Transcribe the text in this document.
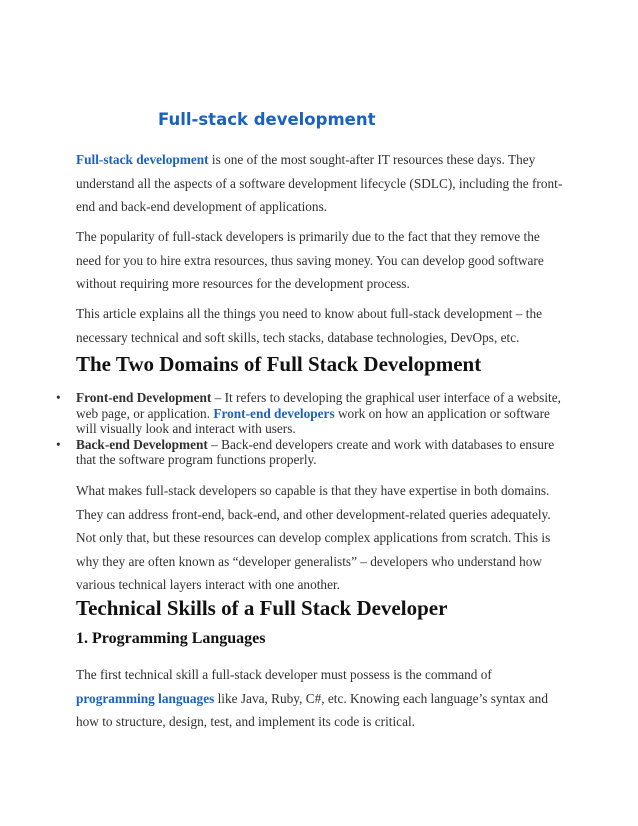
Full-stack development

Full-stack development is one of the most sought-after IT resources these days. They understand all the aspects of a software development lifecycle (SDLC), including the front-end and back-end development of applications.

The popularity of full-stack developers is primarily due to the fact that they remove the need for you to hire extra resources, thus saving money. You can develop good software without requiring more resources for the development process.

This article explains all the things you need to know about full-stack development – the necessary technical and soft skills, tech stacks, database technologies, DevOps, etc.

The Two Domains of Full Stack Development
• Front-end Development – It refers to developing the graphical user interface of a website, web page, or application. Front-end developers work on how an application or software will visually look and interact with users.
• Back-end Development – Back-end developers create and work with databases to ensure that the software program functions properly.

What makes full-stack developers so capable is that they have expertise in both domains. They can address front-end, back-end, and other development-related queries adequately. Not only that, but these resources can develop complex applications from scratch. This is why they are often known as “developer generalists” – developers who understand how various technical layers interact with one another.

Technical Skills of a Full Stack Developer
1. Programming Languages

The first technical skill a full-stack developer must possess is the command of programming languages like Java, Ruby, C#, etc. Knowing each language’s syntax and how to structure, design, test, and implement its code is critical.
